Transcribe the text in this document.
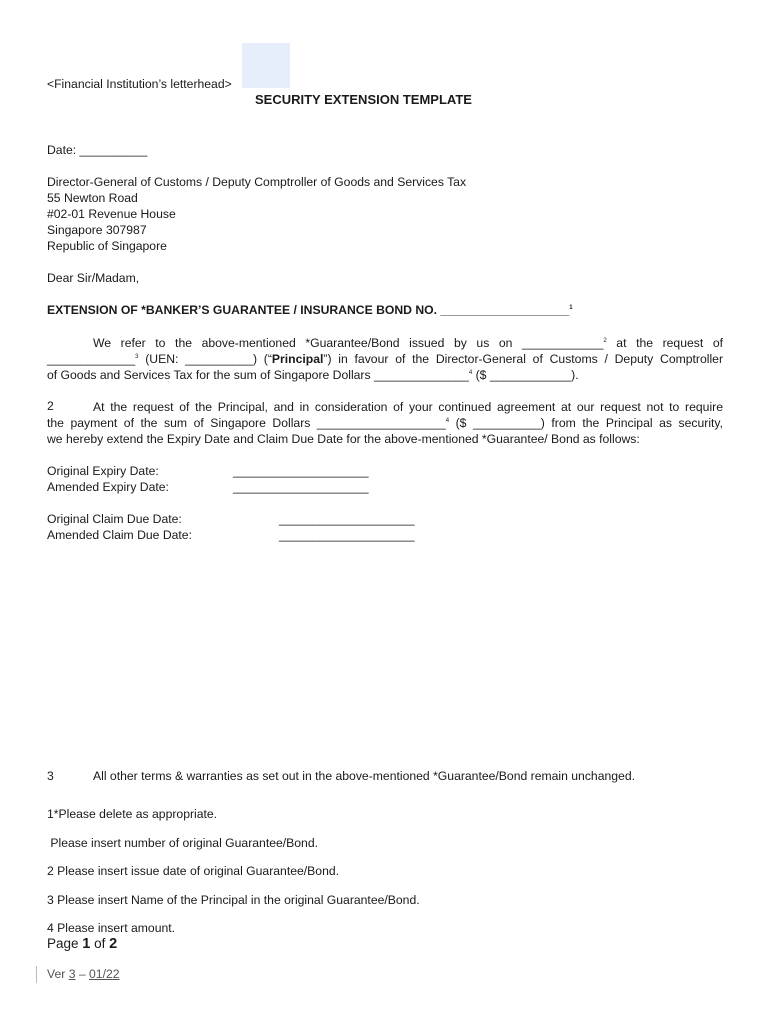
<Financial Institution’s letterhead>
SECURITY EXTENSION TEMPLATE
Date: __________
Director-General of Customs / Deputy Comptroller of Goods and Services Tax
55 Newton Road
#02-01 Revenue House
Singapore 307987
Republic of Singapore
Dear Sir/Madam,
EXTENSION OF *BANKER’S GUARANTEE / INSURANCE BOND NO. ___________________$^1$
We refer to the above-mentioned *Guarantee/Bond issued by us on ____________$^2$ at the request of
_____________$^3$ (UEN: __________) (“Principal”) in favour of the Director-General of Customs / Deputy Comptroller
of Goods and Services Tax for the sum of Singapore Dollars ______________$^4$ ($ ____________).
2	At the request of the Principal, and in consideration of your continued agreement at our request not to require
the payment of the sum of Singapore Dollars ___________________$^4$ ($ __________) from the Principal as security,
we hereby extend the Expiry Date and Claim Due Date for the above-mentioned *Guarantee/ Bond as follows:
Original Expiry Date:	____________________
Amended Expiry Date:	____________________
Original Claim Due Date:	____________________
Amended Claim Due Date:	____________________
3	All other terms & warranties as set out in the above-mentioned *Guarantee/Bond remain unchanged.
1*Please delete as appropriate.
Please insert number of original Guarantee/Bond.
2 Please insert issue date of original Guarantee/Bond.
3 Please insert Name of the Principal in the original Guarantee/Bond.
4 Please insert amount.
Page 1 of 2
Ver 3 – 01/22
